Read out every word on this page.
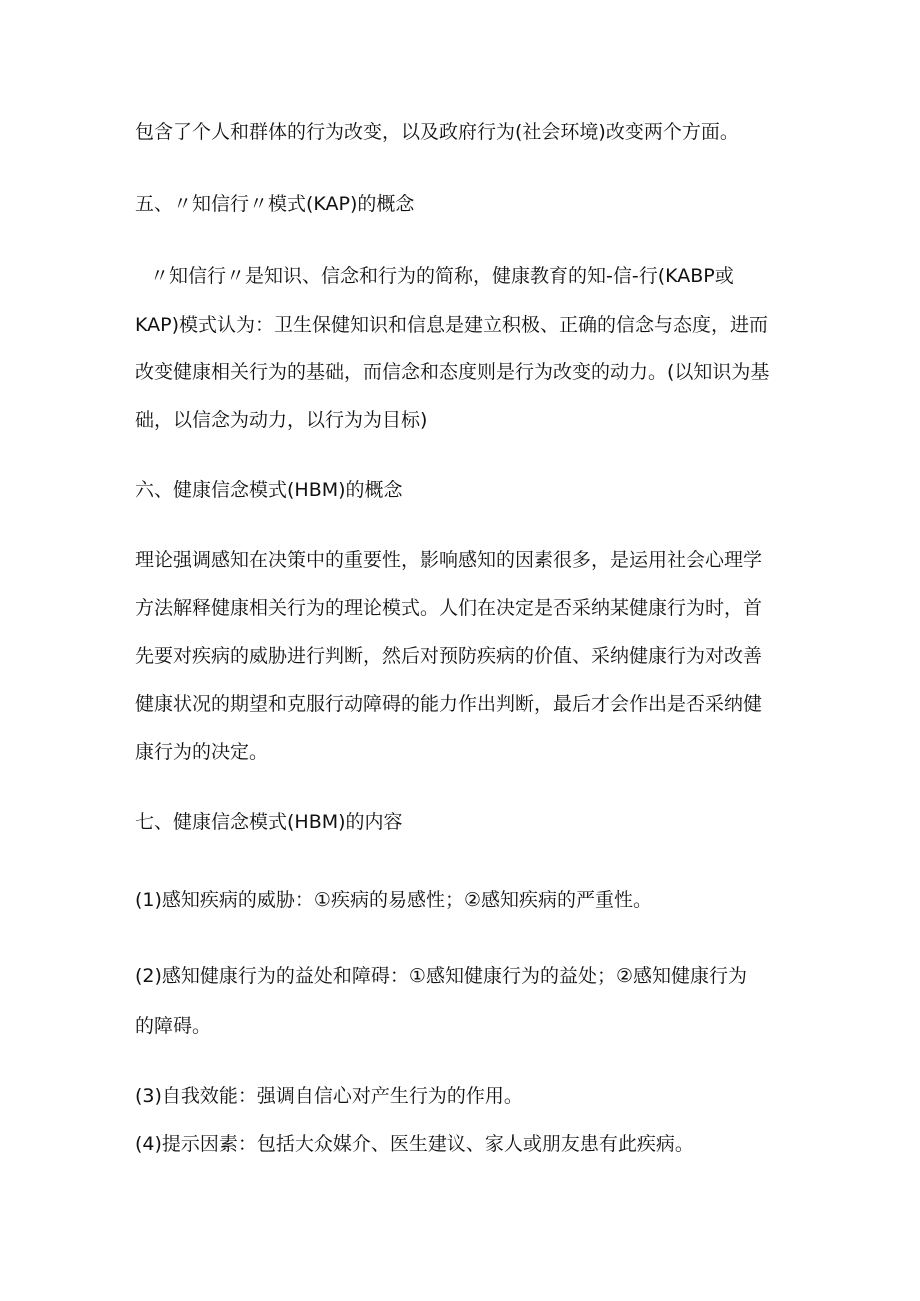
包含了个人和群体的行为改变，以及政府行为(社会环境)改变两个方面。
五、〃知信行〃模式(KAP)的概念
〃知信行〃是知识、信念和行为的简称，健康教育的知-信-行(KABP或
KAP)模式认为：卫生保健知识和信息是建立积极、正确的信念与态度，进而
改变健康相关行为的基础，而信念和态度则是行为改变的动力。(以知识为基
础，以信念为动力，以行为为目标)
六、健康信念模式(HBM)的概念
理论强调感知在决策中的重要性，影响感知的因素很多，是运用社会心理学
方法解释健康相关行为的理论模式。人们在决定是否采纳某健康行为时，首
先要对疾病的威胁进行判断，然后对预防疾病的价值、采纳健康行为对改善
健康状况的期望和克服行动障碍的能力作出判断，最后才会作出是否采纳健
康行为的决定。
七、健康信念模式(HBM)的内容
(1)感知疾病的威胁：①疾病的易感性；②感知疾病的严重性。
(2)感知健康行为的益处和障碍：①感知健康行为的益处；②感知健康行为
的障碍。
(3)自我效能：强调自信心对产生行为的作用。
(4)提示因素：包括大众媒介、医生建议、家人或朋友患有此疾病。
